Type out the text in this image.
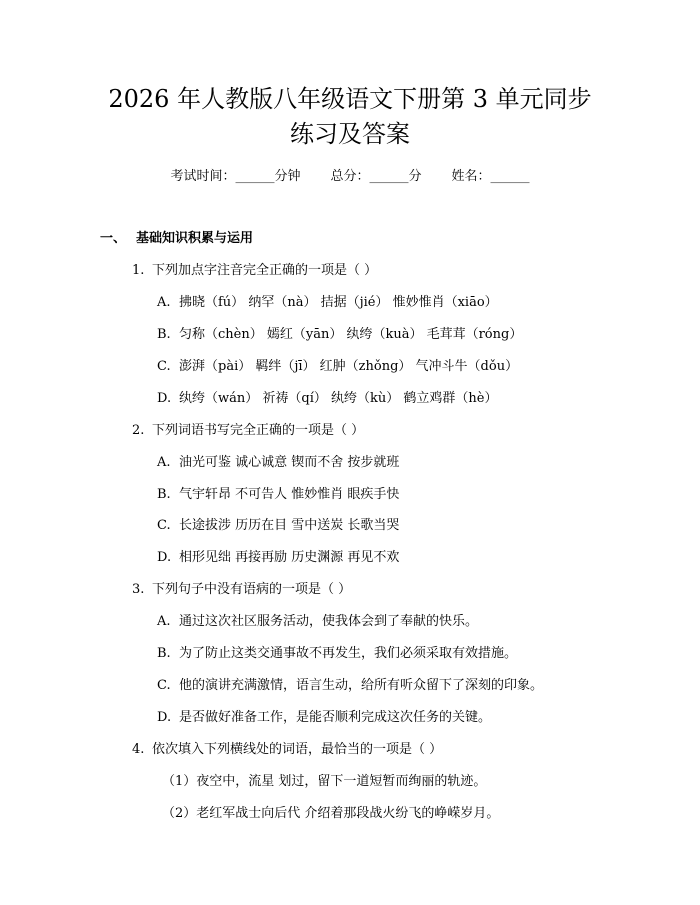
2026 年人教版八年级语文下册第 3 单元同步
练习及答案
考试时间：______分钟 总分：______分 姓名：______
一、 基础知识积累与运用
1. 下列加点字注音完全正确的一项是（ ）
A. 拂晓（fú） 纳罕（nà） 拮据（jié） 惟妙惟肖（xiāo）
B. 匀称（chèn） 嫣红（yān） 纨绔（kuà） 毛茸茸（róng）
C. 澎湃（pài） 羁绊（jī） 红肿（zhǒng） 气冲斗牛（dǒu）
D. 纨绔（wán） 祈祷（qí） 纨绔（kù） 鹤立鸡群（hè）
2. 下列词语书写完全正确的一项是（ ）
A. 油光可鉴 诚心诚意 锲而不舍 按步就班
B. 气宇轩昂 不可告人 惟妙惟肖 眼疾手快
C. 长途拔涉 历历在目 雪中送炭 长歌当哭
D. 相形见绌 再接再励 历史渊源 再见不欢
3. 下列句子中没有语病的一项是（ ）
A. 通过这次社区服务活动，使我体会到了奉献的快乐。
B. 为了防止这类交通事故不再发生，我们必须采取有效措施。
C. 他的演讲充满激情，语言生动，给所有听众留下了深刻的印象。
D. 是否做好准备工作，是能否顺利完成这次任务的关键。
4. 依次填入下列横线处的词语，最恰当的一项是（ ）
（1）夜空中，流星 划过，留下一道短暂而绚丽的轨迹。
（2）老红军战士向后代 介绍着那段战火纷飞的峥嵘岁月。
